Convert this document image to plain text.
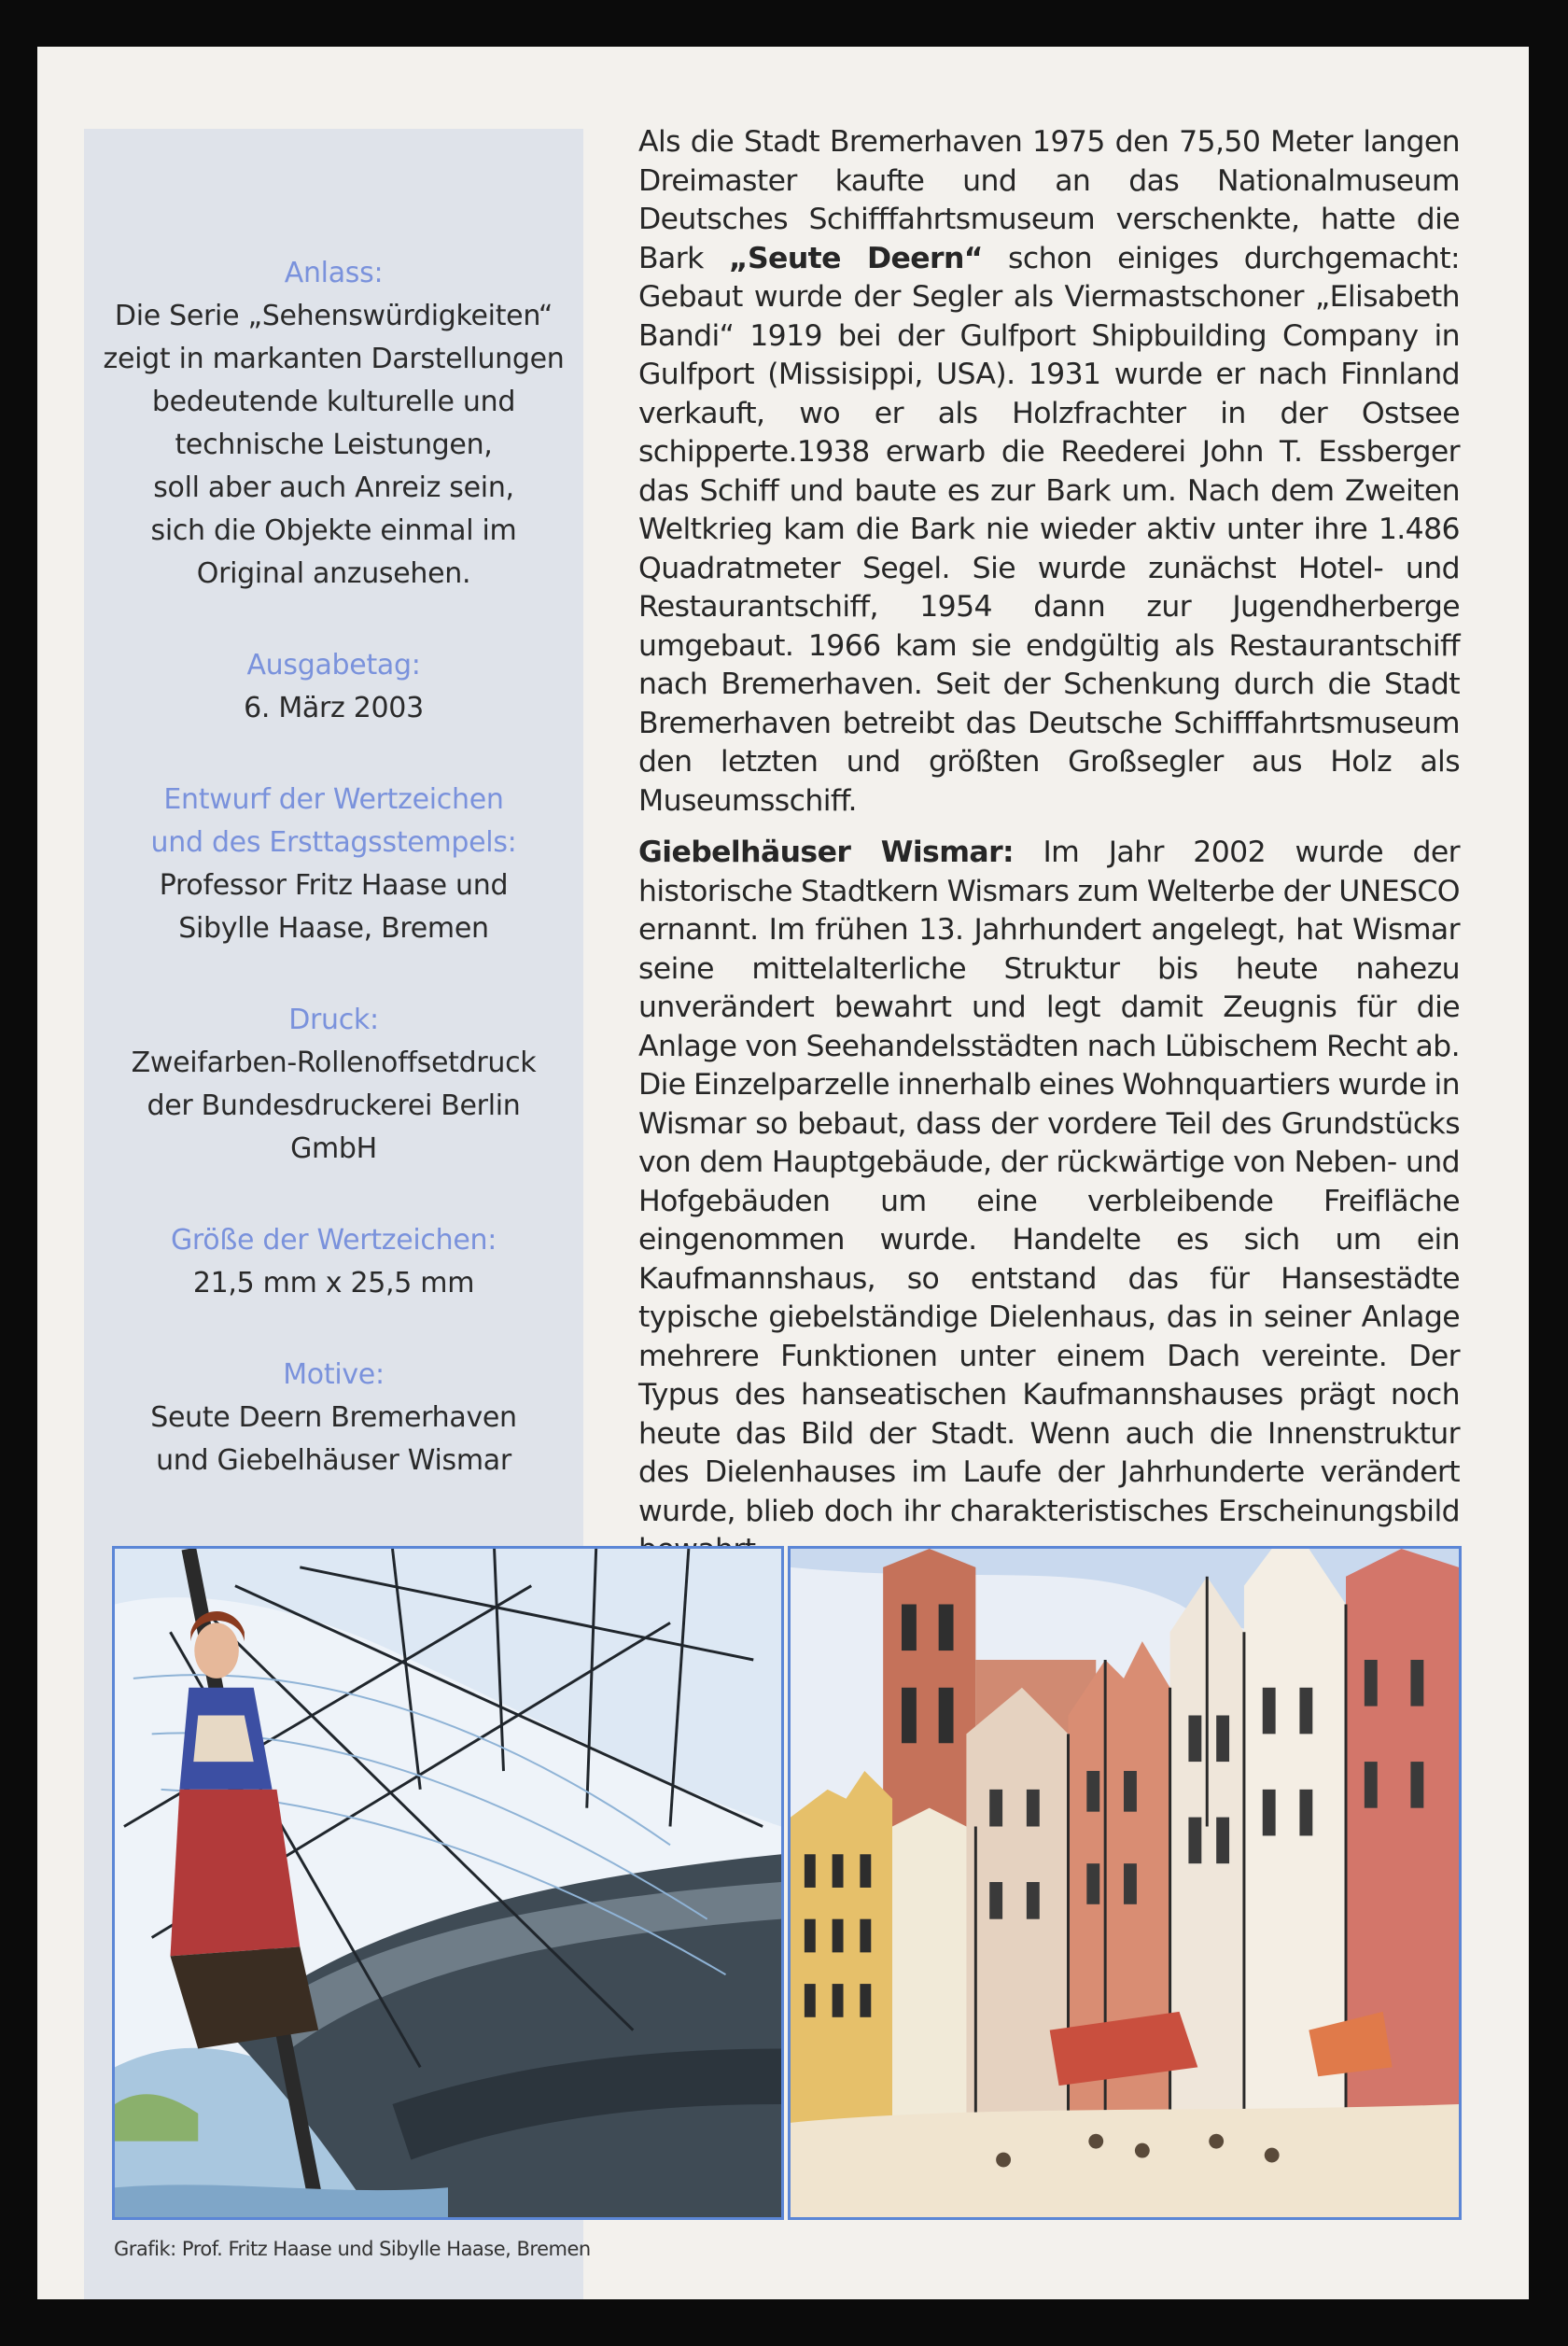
Anlass:
Die Serie „Sehenswürdigkeiten“
zeigt in markanten Darstellungen
bedeutende kulturelle und
technische Leistungen,
soll aber auch Anreiz sein,
sich die Objekte einmal im
Original anzusehen.
Ausgabetag:
6. März 2003
Entwurf der Wertzeichen
und des Ersttagsstempels:
Professor Fritz Haase und
Sibylle Haase, Bremen
Druck:
Zweifarben-Rollenoffsetdruck
der Bundesdruckerei Berlin
GmbH
Größe der Wertzeichen:
21,5 mm x 25,5 mm
Motive:
Seute Deern Bremerhaven
und Giebelhäuser Wismar

Als die Stadt Bremerhaven 1975 den 75,50 Meter langen Dreimaster kaufte und an das Nationalmuseum Deutsches Schifffahrtsmuseum verschenkte, hatte die Bark „Seute Deern“ schon einiges durchgemacht: Gebaut wurde der Segler als Viermastschoner „Elisabeth Bandi“ 1919 bei der Gulfport Shipbuilding Company in Gulfport (Missisippi, USA). 1931 wurde er nach Finnland verkauft, wo er als Holzfrachter in der Ostsee schipperte.1938 erwarb die Reederei John T. Essberger das Schiff und baute es zur Bark um. Nach dem Zweiten Weltkrieg kam die Bark nie wieder aktiv unter ihre 1.486 Quadratmeter Segel. Sie wurde zunächst Hotel- und Restaurantschiff, 1954 dann zur Jugendherberge umgebaut. 1966 kam sie endgültig als Restaurantschiff nach Bremerhaven. Seit der Schenkung durch die Stadt Bremerhaven betreibt das Deutsche Schifffahrtsmuseum den letzten und größten Großsegler aus Holz als Museumsschiff.

Giebelhäuser Wismar: Im Jahr 2002 wurde der historische Stadtkern Wismars zum Welterbe der UNESCO ernannt. Im frühen 13. Jahrhundert angelegt, hat Wismar seine mittelalterliche Struktur bis heute nahezu unverändert bewahrt und legt damit Zeugnis für die Anlage von Seehandelsstädten nach Lübischem Recht ab. Die Einzelparzelle innerhalb eines Wohnquartiers wurde in Wismar so bebaut, dass der vordere Teil des Grundstücks von dem Hauptgebäude, der rückwärtige von Neben- und Hofgebäuden um eine verbleibende Freifläche eingenommen wurde. Handelte es sich um ein Kaufmannshaus, so entstand das für Hansestädte typische giebelständige Dielenhaus, das in seiner Anlage mehrere Funktionen unter einem Dach vereinte. Der Typus des hanseatischen Kaufmannshauses prägt noch heute das Bild der Stadt. Wenn auch die Innenstruktur des Dielenhauses im Laufe der Jahrhunderte verändert wurde, blieb doch ihr charakteristisches Erscheinungsbild

Grafik: Prof. Fritz Haase und Sibylle Haase, Bremen
